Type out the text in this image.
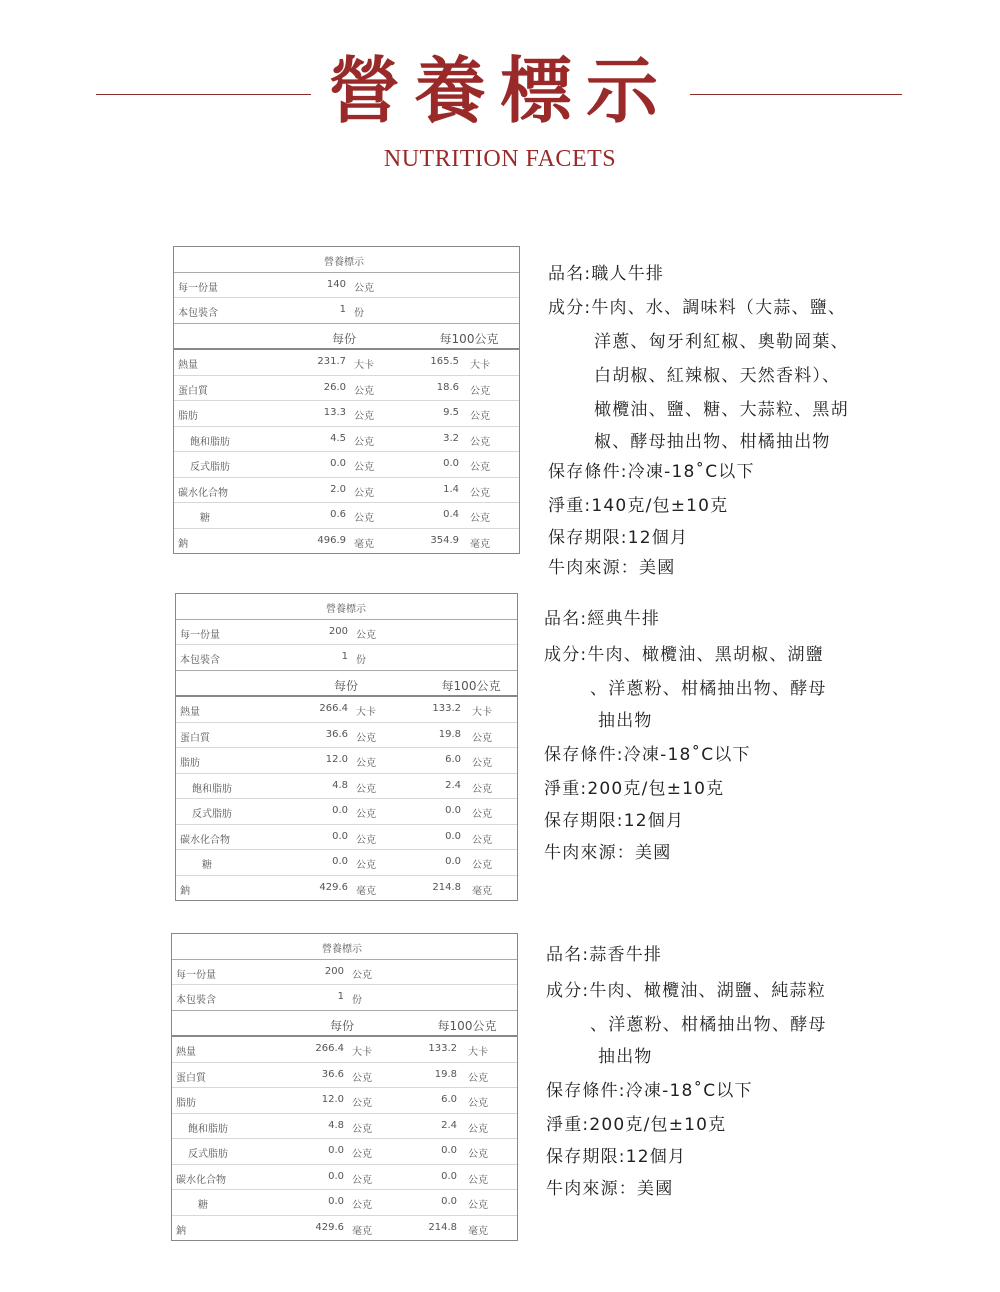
營養標示
NUTRITION FACETS
營養標示
每一份量	140 公克
本包裝含	1 份
每份	每100公克
熱量	231.7 大卡	165.5 大卡
蛋白質	26.0 公克	18.6 公克
脂肪	13.3 公克	9.5 公克
飽和脂肪	4.5 公克	3.2 公克
反式脂肪	0.0 公克	0.0 公克
碳水化合物	2.0 公克	1.4 公克
糖	0.6 公克	0.4 公克
鈉	496.9 毫克	354.9 毫克
品名:職人牛排
成分:牛肉、水、調味料（大蒜、鹽、
洋蔥、匈牙利紅椒、奧勒岡葉、
白胡椒、紅辣椒、天然香料）、
橄欖油、鹽、糖、大蒜粒、黑胡
椒、酵母抽出物、柑橘抽出物
保存條件:冷凍-18˚C以下
淨重:140克/包±10克
保存期限:12個月
牛肉來源：美國
營養標示
每一份量	200 公克
本包裝含	1 份
每份	每100公克
熱量	266.4 大卡	133.2 大卡
蛋白質	36.6 公克	19.8 公克
脂肪	12.0 公克	6.0 公克
飽和脂肪	4.8 公克	2.4 公克
反式脂肪	0.0 公克	0.0 公克
碳水化合物	0.0 公克	0.0 公克
糖	0.0 公克	0.0 公克
鈉	429.6 毫克	214.8 毫克
品名:經典牛排
成分:牛肉、橄欖油、黑胡椒、湖鹽
、洋蔥粉、柑橘抽出物、酵母
抽出物
保存條件:冷凍-18˚C以下
淨重:200克/包±10克
保存期限:12個月
牛肉來源：美國
營養標示
每一份量	200 公克
本包裝含	1 份
每份	每100公克
熱量	266.4 大卡	133.2 大卡
蛋白質	36.6 公克	19.8 公克
脂肪	12.0 公克	6.0 公克
飽和脂肪	4.8 公克	2.4 公克
反式脂肪	0.0 公克	0.0 公克
碳水化合物	0.0 公克	0.0 公克
糖	0.0 公克	0.0 公克
鈉	429.6 毫克	214.8 毫克
品名:蒜香牛排
成分:牛肉、橄欖油、湖鹽、純蒜粒
、洋蔥粉、柑橘抽出物、酵母
抽出物
保存條件:冷凍-18˚C以下
淨重:200克/包±10克
保存期限:12個月
牛肉來源：美國
